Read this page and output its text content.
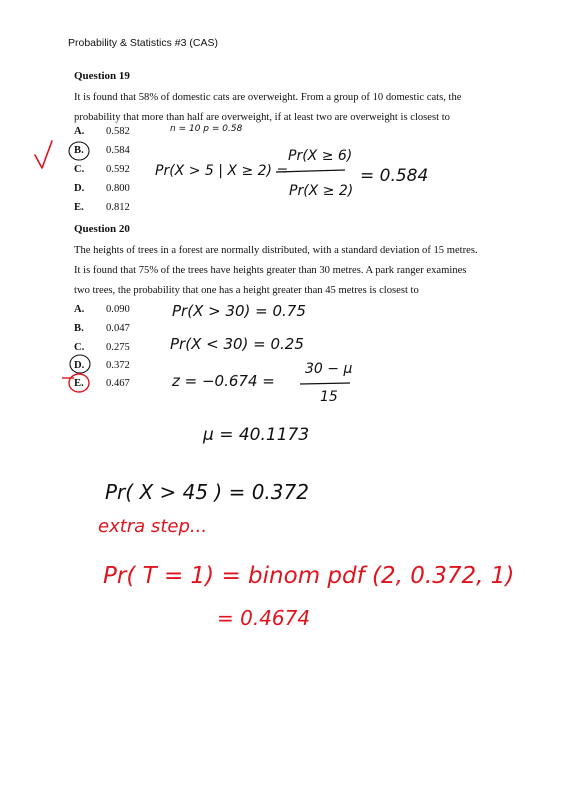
Probability & Statistics #3 (CAS)
Question 19
It is found that 58% of domestic cats are overweight. From a group of 10 domestic cats, the
probability that more than half are overweight, if at least two are overweight is closest to
A. 0.582
B. 0.584
C. 0.592
D. 0.800
E. 0.812
n = 10 p = 0.58
Pr(X ≥ 6)
Pr(X > 5 | X ≥ 2) =
Pr(X ≥ 2)
= 0.584
Question 20
The heights of trees in a forest are normally distributed, with a standard deviation of 15 metres.
It is found that 75% of the trees have heights greater than 30 metres. A park ranger examines
two trees, the probability that one has a height greater than 45 metres is closest to
A. 0.090
B. 0.047
C. 0.275
D. 0.372
E. 0.467
Pr(X > 30) = 0.75
Pr(X < 30) = 0.25
z = −0.674 =
30 − μ
15
μ = 40.1173
Pr( X > 45 ) = 0.372
extra step...
Pr( T = 1) = binom pdf (2, 0.372, 1)
= 0.4674
